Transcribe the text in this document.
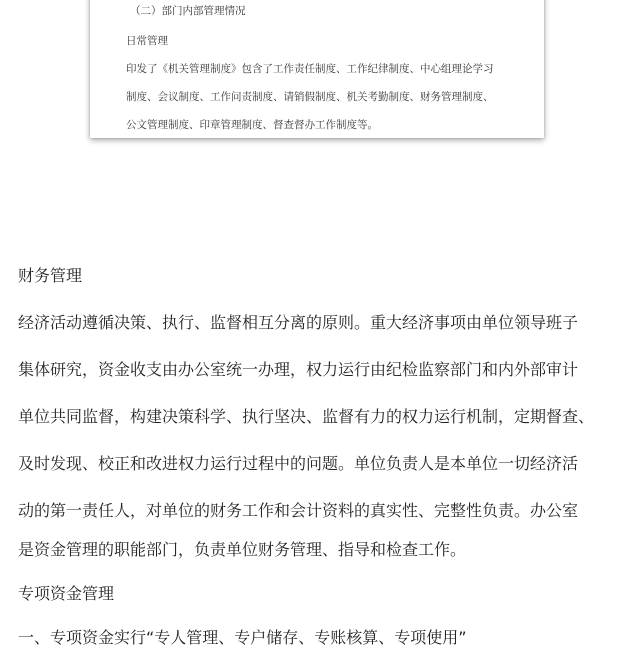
（二）部门内部管理情况
日常管理
印发了《机关管理制度》包含了工作责任制度、工作纪律制度、中心组理论学习
制度、会议制度、工作问责制度、请销假制度、机关考勤制度、财务管理制度、
公文管理制度、印章管理制度、督查督办工作制度等。
财务管理
经济活动遵循决策、执行、监督相互分离的原则。重大经济事项由单位领导班子
集体研究，资金收支由办公室统一办理，权力运行由纪检监察部门和内外部审计
单位共同监督，构建决策科学、执行坚决、监督有力的权力运行机制，定期督查、
及时发现、校正和改进权力运行过程中的问题。单位负责人是本单位一切经济活
动的第一责任人，对单位的财务工作和会计资料的真实性、完整性负责。办公室
是资金管理的职能部门，负责单位财务管理、指导和检查工作。
专项资金管理
一、专项资金实行“专人管理、专户储存、专账核算、专项使用”
